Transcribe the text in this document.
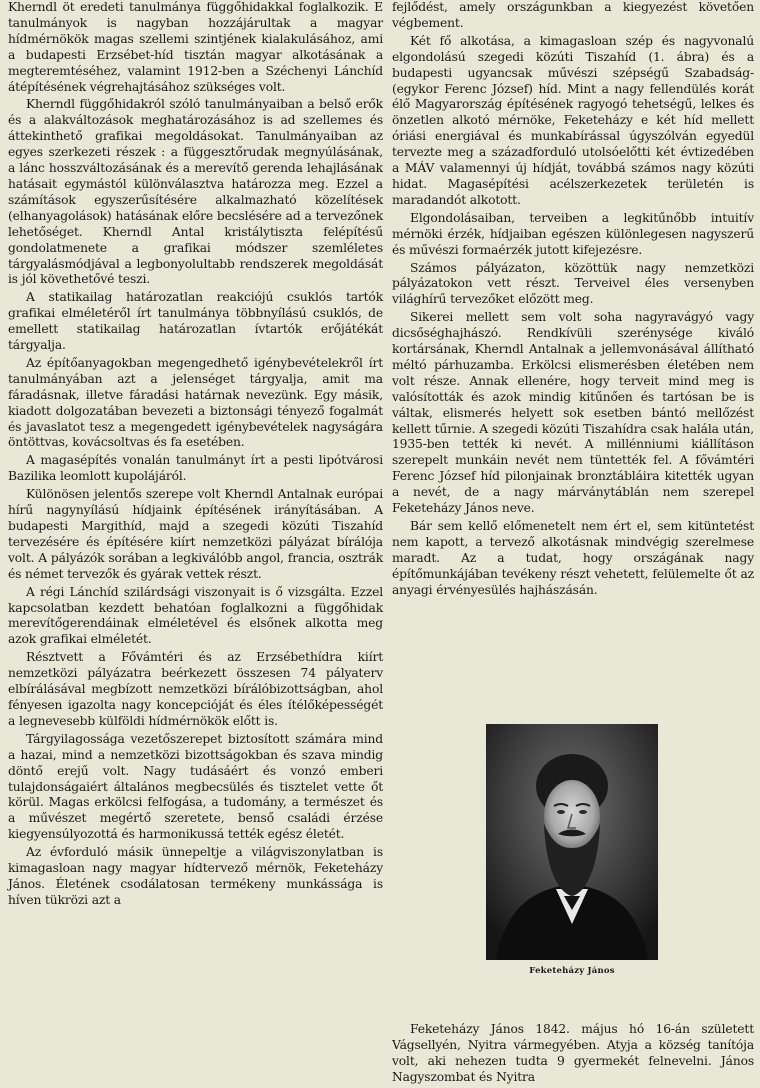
Kherndl öt eredeti tanulmánya függőhidakkal foglalkozik. E tanulmányok is nagyban hozzájárultak a magyar hídmérnökök magas szellemi szintjének kialakulásához, ami a budapesti Erzsébet-híd tisztán magyar alkotásának a megteremtéséhez, valamint 1912-ben a Széchenyi Lánchíd átépítésének végrehajtásához szükséges volt.

Kherndl függőhidakról szóló tanulmányaiban a belső erők és a alakváltozások meghatározásához is ad szellemes és áttekinthető grafikai megoldásokat. Tanulmányaiban az egyes szerkezeti részek : a függesztőrudak megnyúlásának, a lánc hosszváltozásának és a merevítő gerenda lehajlásának hatásait egymástól különválasztva határozza meg. Ezzel a számítások egyszerűsítésére alkalmazható közelítések (elhanyagolások) hatásának előre becslésére ad a tervezőnek lehetőséget. Kherndl Antal kristálytiszta felépítésű gondolatmenete a grafikai módszer szemléletes tárgyalásmódjával a legbonyolultabb rendszerek megoldását is jól követhetővé teszi.

A statikailag határozatlan reakciójú csuklós tartók grafikai elméletéről írt tanulmánya többnyílású csuklós, de emellett statikailag határozatlan ívtartók erőjátékát tárgyalja.

Az építőanyagokban megengedhető igénybevételekről írt tanulmányában azt a jelenséget tárgyalja, amit ma fáradásnak, illetve fáradási határnak nevezünk. Egy másik, kiadott dolgozatában bevezeti a biztonsági tényező fogalmát és javaslatot tesz a megengedett igénybevételek nagyságára öntöttvas, kovácsoltvas és fa esetében.

A magasépítés vonalán tanulmányt írt a pesti lipótvárosi Bazilika leomlott kupolájáról.

Különösen jelentős szerepe volt Kherndl Antalnak európai hírű nagynyílású hídjaink építésének irányításában. A budapesti Margithíd, majd a szegedi közúti Tiszahíd tervezésére és építésére kiírt nemzetközi pályázat bírálója volt. A pályázók sorában a legkiválóbb angol, francia, osztrák és német tervezők és gyárak vettek részt.

A régi Lánchíd szilárdsági viszonyait is ő vizsgálta. Ezzel kapcsolatban kezdett behatóan foglalkozni a függőhidak merevítőgerendáinak elméletével és elsőnek alkotta meg azok grafikai elméletét.

Résztvett a Fővámtéri és az Erzsébethídra kiírt nemzetközi pályázatra beérkezett összesen 74 pályaterv elbírálásával megbízott nemzetközi bírálóbizottságban, ahol fényesen igazolta nagy koncepcióját és éles ítélőképességét a legnevesebb külföldi hídmérnökök előtt is.

Tárgyilagossága vezetőszerepet biztosított számára mind a hazai, mind a nemzetközi bizottságokban és szava mindig döntő erejű volt. Nagy tudásáért és vonzó emberi tulajdonságaiért általános megbecsülés és tisztelet vette őt körül. Magas erkölcsi felfogása, a tudomány, a természet és a művészet megértő szeretete, benső családi érzése kiegyensúlyozottá és harmonikussá tették egész életét.

Az évforduló másik ünnepeltje a világviszonylatban is kimagasloan nagy magyar hídtervező mérnök, Feketeházy János. Életének csodálatosan termékeny munkássága is híven tükrözi azt a

fejlődést, amely országunkban a kiegyezést követően végbement.

Két fő alkotása, a kimagasloan szép és nagyvonalú elgondolású szegedi közúti Tiszahíd (1. ábra) és a budapesti ugyancsak művészi szépségű Szabadság- (egykor Ferenc József) híd. Mint a nagy fellendülés korát élő Magyarország építésének ragyogó tehetségű, lelkes és önzetlen alkotó mérnöke, Feketeházy e két híd mellett óriási energiával és munkabírással úgyszólván egyedül tervezte meg a századforduló utolsóelőtti két évtizedében a MÁV valamennyi új hídját, továbbá számos nagy közúti hidat. Magasépítési acélszerkezetek területén is maradandót alkotott.

Elgondolásaiban, terveiben a legkitűnőbb intuitív mérnöki érzék, hídjaiban egészen különlegesen nagyszerű és művészi formaérzék jutott kifejezésre.

Számos pályázaton, közöttük nagy nemzetközi pályázatokon vett részt. Terveivel éles versenyben világhírű tervezőket előzött meg.

Sikerei mellett sem volt soha nagyravágyó vagy dicsőséghajhászó. Rendkívüli szerénysége kiváló kortársának, Kherndl Antalnak a jellemvonásával állítható méltó párhuzamba. Erkölcsi elismerésben életében nem volt része. Annak ellenére, hogy terveit mind meg is valósították és azok mindig kitűnően és tartósan be is váltak, elismerés helyett sok esetben bántó mellőzést kellett tűrnie. A szegedi közúti Tiszahídra csak halála után, 1935-ben tették ki nevét. A millénniumi kiállításon szerepelt munkáin nevét nem tüntették fel. A fővámtéri Ferenc József híd pilonjainak bronztábláira kitették ugyan a nevét, de a nagy márványtáblán nem szerepel Feketeházy János neve.

Bár sem kellő előmenetelt nem ért el, sem kitüntetést nem kapott, a tervező alkotásnak mindvégig szerelmese maradt. Az a tudat, hogy országának nagy építőmunkájában tevékeny részt vehetett, felülemelte őt az anyagi érvényesülés hajhászásán.

Feketeházy János

Feketeházy János 1842. május hó 16-án született Vágsellyén, Nyitra vármegyében. Atyja a község tanítója volt, aki nehezen tudta 9 gyermekét felnevelni. János Nagyszombat és Nyitra
